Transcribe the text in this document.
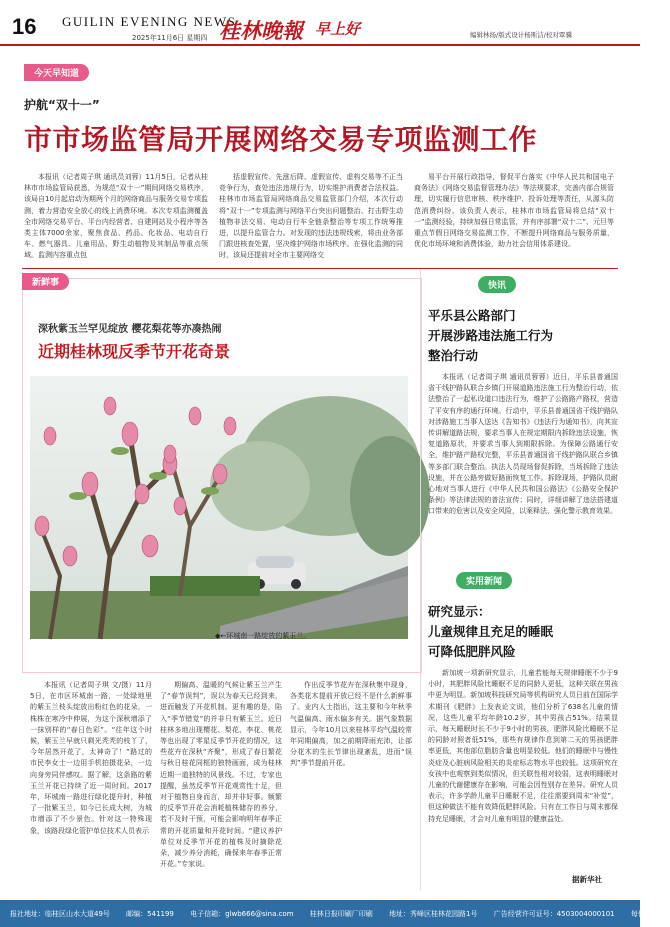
16 GUILIN EVENING NEWS
2025年11月6日 星期四 桂林晚報 早上好	编辑林扬/版式设计杨斯洁/校对覃骥
今天早知道
护航“双十一”
市市场监管局开展网络交易专项监测工作

本报讯（记者周子琪 通讯员刘蓉）11月5日，记者从桂林市市场监管局获悉，为规范“双十一”期间网络交易秩序，该局自10月起启动为期两个月的网络商品与服务交易专项监测，着力营造安全放心的线上消费环境。本次专项监测覆盖全市网络交易平台、平台内经营者、自建网站及小程序等各类主体7000余家，聚焦食品、药品、化妆品、电动自行车、燃气器具、儿童用品、野生动植物及其制品等重点领域。监测内容重点包

括虚假宣传、先涨后降、虚假宣传、虚构交易等不正当竞争行为，查处违法违规行为，切实维护消费者合法权益。桂林市市场监管局网络商品交易监管部门介绍，本次行动将“双十一”专项监测与网络平台突出问题整治、打击野生动植物非法交易、电动自行车全链条整治等专项工作统筹推进，以提升监管合力。对发现的违法违规线索，将由业务部门跟进核查处置，坚决维护网络市场秩序。在强化监测的同时，该局还提前对全市主要网络交

易平台开展行政指导，督促平台落实《中华人民共和国电子商务法》《网络交易监督管理办法》等法规要求，完善内部合规管理，切实履行信息审核、秩序维护、投诉处理等责任，从源头防范消费纠纷。该负责人表示，桂林市市场监管局将总结“双十一”监测经验，持续加强日常监管，并有序部署“双十二”、元旦等重点节假日网络交易监测工作，不断提升网络商品与服务质量，优化市场环境和消费体验，助力社会信用体系建设。

新鲜事
深秋紫玉兰罕见绽放 樱花梨花等亦凑热闹
近期桂林现反季节开花奇景
◆←环城南一路绽放的紫玉兰。

本报讯（记者周子琪 文/摄）11月5日，在市区环城南一路，一处绿地里的紫玉兰枝头绽放出粉红色的花朵，一株株在寒冷中伸展，为这个深秋增添了一抹别样的“春日色彩”。“往年这个时候，紫玉兰早就只剩光秃秃的枝丫了，今年居然开花了，太神奇了！”路过的市民李女士一边用手机拍摄花朵，一边向身旁同伴感叹。据了解，这条路的紫玉兰开花已持续了近一周时间。2017年，环城南一路进行绿化提升时，种植了一批紫玉兰，如今已长成大树，为城市增添了不少景色。针对这一特殊现象，该路段绿化管护单位技术人员表示

期偏高、温暖的气候让紫玉兰产生了“春节误判”，误以为春天已经到来，进而触发了开花机制。更有趣的是，陷入“季节错觉”的并非只有紫玉兰。近日桂林多地出现樱花、梨花、李花、桃花等也出现了零星反季节开花的情况，这些花卉在深秋“齐聚”，形成了春日繁花与秋日桂花同框的独特画面，成为桂林近期一道独特的风景线。不过，专家也提醒，虽然反季节开花观赏性十足，但对于植物自身而言，却并非好事。频繁的反季节开花会消耗植株储存的养分，若不及时干预，可能会影响明年春季正常的开花质量和开花时间。“建议养护单位对反季节开花的植株及时摘除花朵，减少养分消耗，确保来年春季正常开花。”专家说。

作出反季节花卉在深秋集中现身，各类花木提前开放已经不是什么新鲜事了。业内人士指出，这主要和今年秋季气温偏高、雨水偏多有关。据气象数据显示，今年10月以来桂林平均气温较常年同期偏高，加之前期降雨充沛，让部分花木的生长节律出现紊乱，进而“误判”季节提前开花。

快讯
平乐县公路部门
开展涉路违法施工行为
整治行动

本报讯（记者周子琪 通讯员蓉蓉）近日，平乐县普通国省干线护路队联合乡镇门开展道路违法施工行为整治行动，依法整治了一起私设道口违法行为，维护了公路路产路权，营造了平安有序的通行环境。行动中，平乐县普通国省干线护路队对涉路施工当事人送达《告知书》《违法行为通知书》，向其宣传讲解道路法规，要求当事人在规定期限内拆除违法设施，恢复道路原状，并要求当事人到期限拆除。为保障公路通行安全，维护路产路权完整，平乐县普通国省干线护路队联合乡镇等多部门联合整治。执法人员现场督促拆除，当场拆除了违法设施，并在公路旁做好路面恢复工作。拆除现场，护路队员耐心地对当事人进行《中华人民共和国公路法》《公路安全保护条例》等法律法规的普法宣传；同时，详细讲解了违法搭建道口带来的危害以及安全风险，以案释法，强化警示教育效果。

实用新闻
研究显示：
儿童规律且充足的睡眠
可降低肥胖风险

新加坡一项新研究显示，儿童若能每天规律睡眠不少于9小时，其肥胖风险比睡眠不足的同龄人更低，这种关联在男孩中更为明显。新加坡科技研究局等机构研究人员日前在国际学术期刊《肥胖》上发表论文说，他们分析了638名儿童的情况，这些儿童平均年龄10.2岁，其中男孩占51%。结果显示，每天睡眠时长不少于9小时的男孩，肥胖风险比睡眠不足的同龄对照者低51%，那些有规律作息到第二天的男孩肥胖率更低，其他部位脂肪含量也明显较低。他们的睡眠中与慢性炎症及心脏病风险相关的炎症标志物水平也较低。这项研究在女孩中也观察到类似情况，但关联性相对较弱，这表明睡眠对儿童的代谢健康存在影响，可能会因性别存在差异。研究人员表示，许多学龄儿童平日睡眠不足，往往需要到周末“补觉”，但这种做法不能有效降低肥胖风险。只有在工作日与周末都保持充足睡眠，才会对儿童有明显的健康益处。

据新华社
报社地址：临桂区山水大道49号 邮编：541199 电子信箱：glwb666@sina.com 桂林日报印刷厂印刷 地址：秀峰区桂林花园路1号 广告经营许可证号：4503004000101 每份1元
